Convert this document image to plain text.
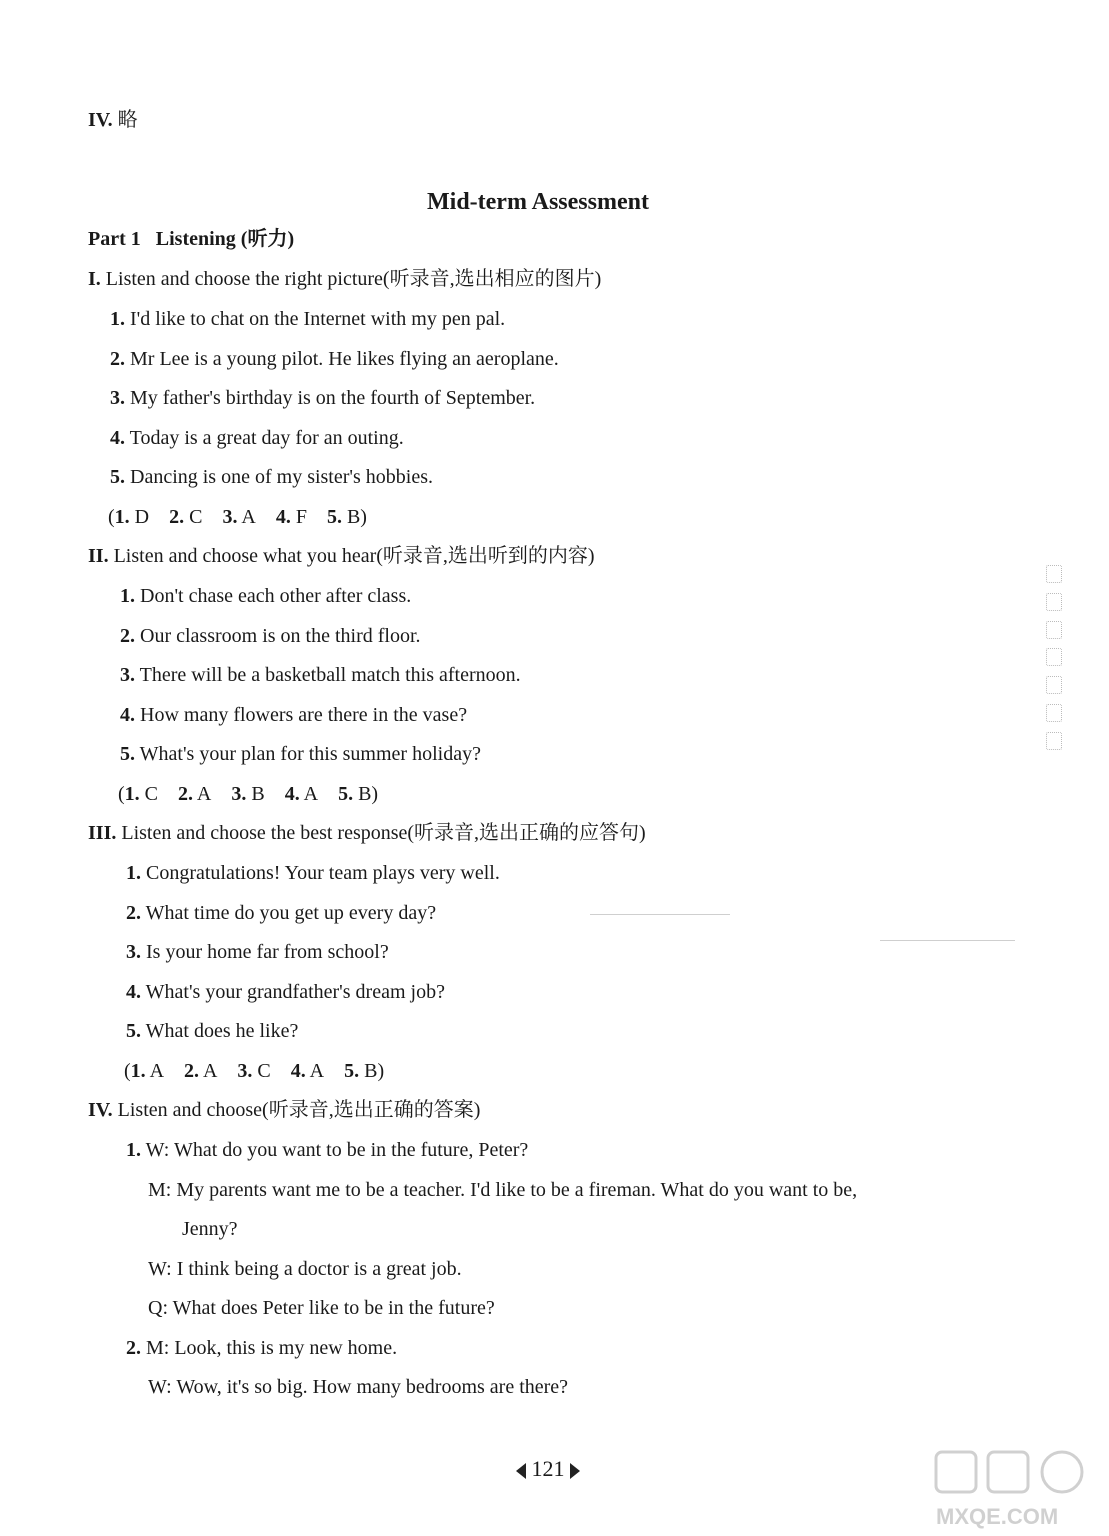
IV. 略
Mid-term Assessment
Part 1 Listening (听力)
I. Listen and choose the right picture(听录音,选出相应的图片)
1. I'd like to chat on the Internet with my pen pal.
2. Mr Lee is a young pilot. He likes flying an aeroplane.
3. My father's birthday is on the fourth of September.
4. Today is a great day for an outing.
5. Dancing is one of my sister's hobbies.
(1. D 2. C 3. A 4. F 5. B)
II. Listen and choose what you hear(听录音,选出听到的内容)
1. Don't chase each other after class.
2. Our classroom is on the third floor.
3. There will be a basketball match this afternoon.
4. How many flowers are there in the vase?
5. What's your plan for this summer holiday?
(1. C 2. A 3. B 4. A 5. B)
III. Listen and choose the best response(听录音,选出正确的应答句)
1. Congratulations! Your team plays very well.
2. What time do you get up every day?
3. Is your home far from school?
4. What's your grandfather's dream job?
5. What does he like?
(1. A 2. A 3. C 4. A 5. B)
IV. Listen and choose(听录音,选出正确的答案)
1. W: What do you want to be in the future, Peter?
M: My parents want me to be a teacher. I'd like to be a fireman. What do you want to be,
Jenny?
W: I think being a doctor is a great job.
Q: What does Peter like to be in the future?
2. M: Look, this is my new home.
W: Wow, it's so big. How many bedrooms are there?
121
MXQE.COM
